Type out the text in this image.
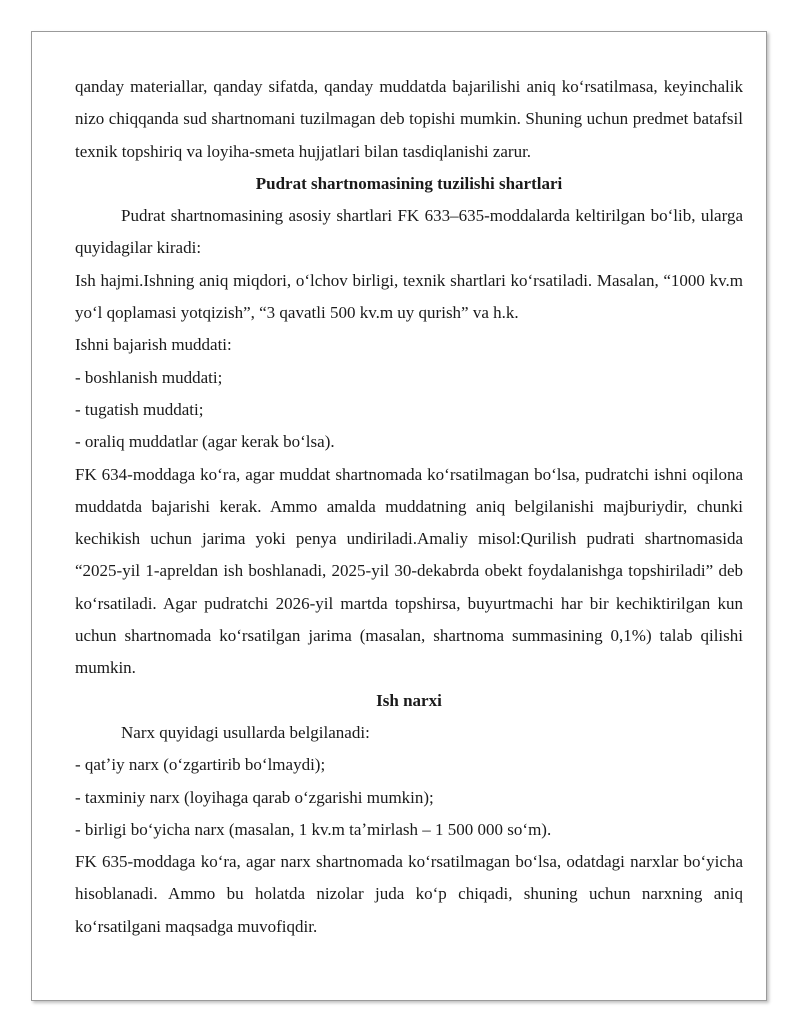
qanday materiallar, qanday sifatda, qanday muddatda bajarilishi aniq koʻrsatilmasa, keyinchalik nizo chiqqanda sud shartnomani tuzilmagan deb topishi mumkin. Shuning uchun predmet batafsil texnik topshiriq va loyiha-smeta hujjatlari bilan tasdiqlanishi zarur.

Pudrat shartnomasining tuzilishi shartlari

Pudrat shartnomasining asosiy shartlari FK 633–635-moddalarda keltirilgan boʻlib, ularga quyidagilar kiradi:

Ish hajmi.Ishning aniq miqdori, oʻlchov birligi, texnik shartlari koʻrsatiladi. Masalan, “1000 kv.m yoʻl qoplamasi yotqizish”, “3 qavatli 500 kv.m uy qurish” va h.k.

Ishni bajarish muddati:

- boshlanish muddati;

- tugatish muddati;

- oraliq muddatlar (agar kerak boʻlsa).

FK 634-moddaga koʻra, agar muddat shartnomada koʻrsatilmagan boʻlsa, pudratchi ishni oqilona muddatda bajarishi kerak. Ammo amalda muddatning aniq belgilanishi majburiydir, chunki kechikish uchun jarima yoki penya undiriladi.Amaliy misol:Qurilish pudrati shartnomasida “2025-yil 1-apreldan ish boshlanadi, 2025-yil 30-dekabrda obekt foydalanishga topshiriladi” deb koʻrsatiladi. Agar pudratchi 2026-yil martda topshirsa, buyurtmachi har bir kechiktirilgan kun uchun shartnomada koʻrsatilgan jarima (masalan, shartnoma summasining 0,1%) talab qilishi mumkin.

Ish narxi

Narx quyidagi usullarda belgilanadi:

- qatʼiy narx (oʻzgartirib boʻlmaydi);

- taxminiy narx (loyihaga qarab oʻzgarishi mumkin);

- birligi boʻyicha narx (masalan, 1 kv.m taʼmirlash – 1 500 000 soʻm).

FK 635-moddaga koʻra, agar narx shartnomada koʻrsatilmagan boʻlsa, odatdagi narxlar boʻyicha hisoblanadi. Ammo bu holatda nizolar juda koʻp chiqadi, shuning uchun narxning aniq koʻrsatilgani maqsadga muvofiqdir.
